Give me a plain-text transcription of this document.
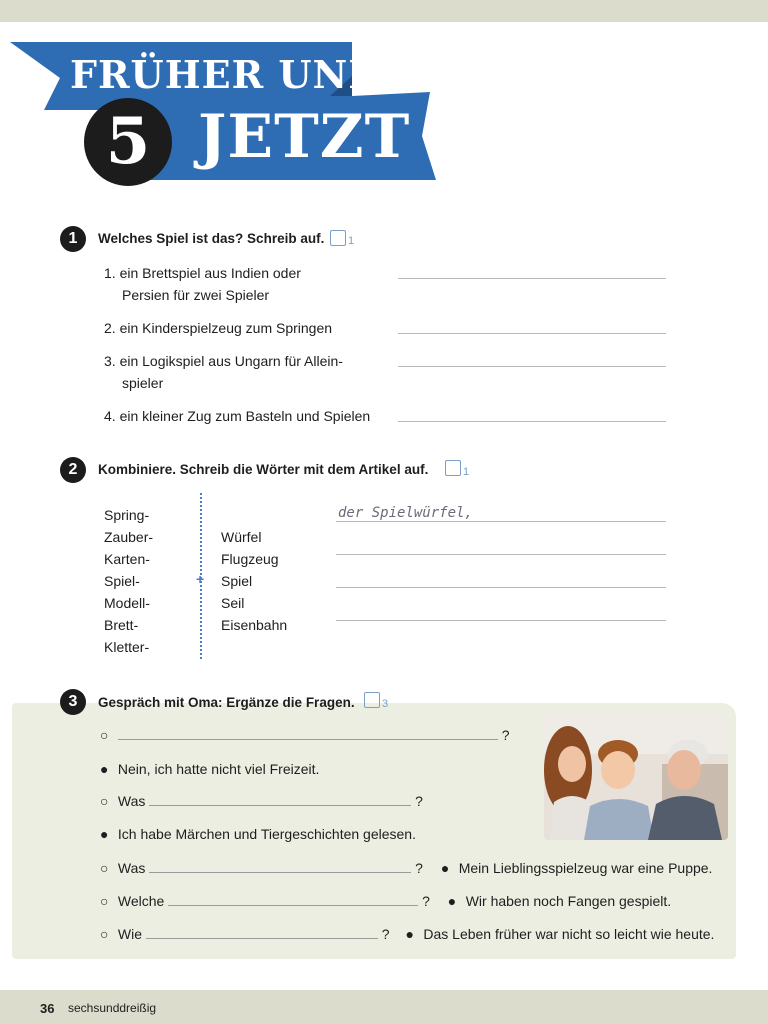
FRÜHER UND
JETZT
5
1	Welches Spiel ist das? Schreib auf. 1
1. ein Brettspiel aus Indien oder
Persien für zwei Spieler
2. ein Kinderspielzeug zum Springen
3. ein Logikspiel aus Ungarn für Allein-
spieler
4. ein kleiner Zug zum Basteln und Spielen
2	Kombiniere. Schreib die Wörter mit dem Artikel auf.	1
Spring-
Zauber-
Karten-
Spiel-
Modell-
Brett-
Kletter-
+
Würfel
Flugzeug
Spiel
Seil
Eisenbahn
der Spielwürfel,
3	Gespräch mit Oma: Ergänze die Fragen. 3
○	?
● Nein, ich hatte nicht viel Freizeit.
○ Was	?
● Ich habe Märchen und Tiergeschichten gelesen.
○ Was	? ● Mein Lieblingsspielzeug war eine Puppe.
○ Welche	? ● Wir haben noch Fangen gespielt.
○ Wie	? ● Das Leben früher war nicht so leicht wie heute.
36 sechsunddreißig
